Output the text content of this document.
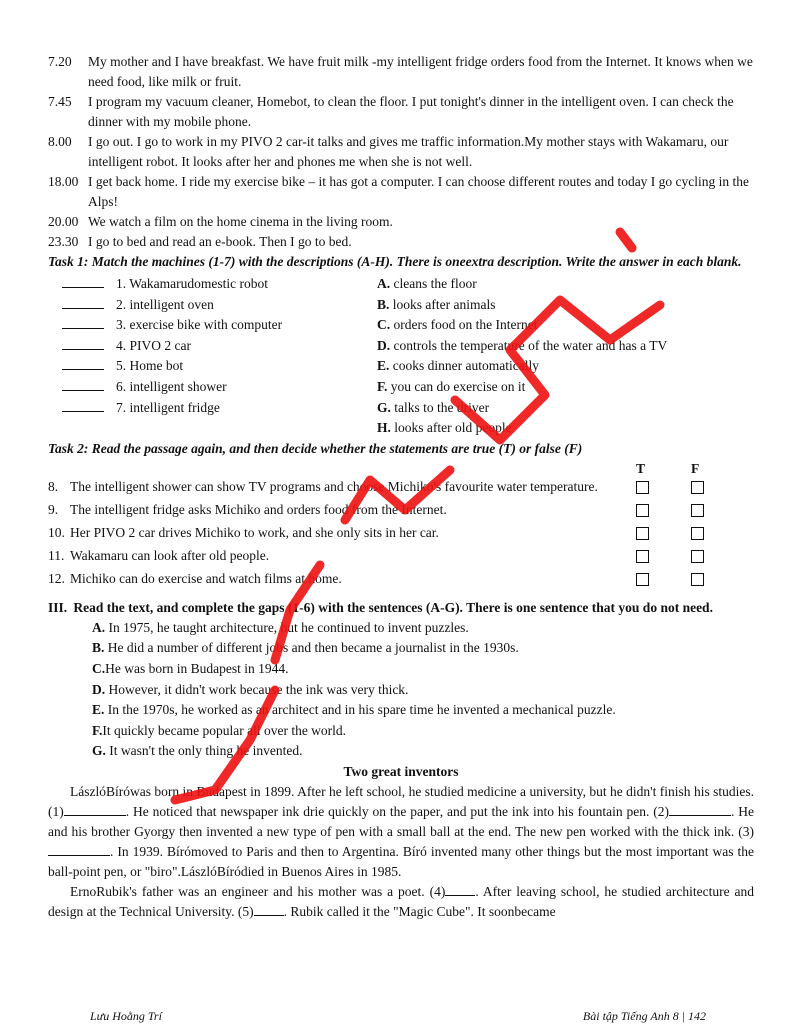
7.20	My mother and I have breakfast. We have fruit milk -my intelligent fridge orders food from the Internet. It knows when we need food, like milk or fruit.
7.45	I program my vacuum cleaner, Homebot, to clean the floor. I put tonight's dinner in the intelligent oven. I can check the dinner with my mobile phone.
8.00	I go out. I go to work in my PIVO 2 car-it talks and gives me traffic information.My mother stays with Wakamaru, our intelligent robot. It looks after her and phones me when she is not well.
18.00 I get back home. I ride my exercise bike – it has got a computer. I can choose different routes and today I go cycling in the Alps!
20.00 We watch a film on the home cinema in the living room.
23.30 I go to bed and read an e-book. Then I go to bed.
Task 1: Match the machines (1-7) with the descriptions (A-H). There is oneextra description. Write the answer in each blank.
1. Wakamarudomestic robot
2. intelligent oven
3. exercise bike with computer
4. PIVO 2 car
5. Home bot
6. intelligent shower
7. intelligent fridge
A. cleans the floor
B. looks after animals
C. orders food on the Internet
D. controls the temperature of the water and has a TV
E. cooks dinner automatically
F. you can do exercise on it
G. talks to the driver
H. looks after old people
Task 2: Read the passage again, and then decide whether the statements are true (T) or false (F)
T	F
8. The intelligent shower can show TV programs and choose Michiko's favourite water temperature.
9. The intelligent fridge asks Michiko and orders food from the Internet.
10. Her PIVO 2 car drives Michiko to work, and she only sits in her car.
11. Wakamaru can look after old people.
12. Michiko can do exercise and watch films at home.
III. Read the text, and complete the gaps (1-6) with the sentences (A-G). There is one sentence that you do not need.
A. In 1975, he taught architecture, but he continued to invent puzzles.
B. He did a number of different jobs and then became a journalist in the 1930s.
C.He was born in Budapest in 1944.
D. However, it didn't work because the ink was very thick.
E. In the 1970s, he worked as an architect and in his spare time he invented a mechanical puzzle.
F.It quickly became popular all over the world.
G. It wasn't the only thing he invented.
Two great inventors
LászlóBírówas born in Budapest in 1899. After he left school, he studied medicine a university, but he didn't finish his studies. (1)	. He noticed that newspaper ink drie quickly on the paper, and put the ink into his fountain pen. (2)	. He and his brother Gyorgy then invented a new type of pen with a small ball at the end. The new pen worked with the thick ink. (3). In 1939. Bírómoved to Paris and then to Argentina. Bíró invented many other things but the most important was the ball-point pen, or "biro".LászlóBíródied in Buenos Aires in 1985.
ErnoRubik's father was an engineer and his mother was a poet. (4) . After leaving school, he studied architecture and design at the Technical University. (5) . Rubik called it the "Magic Cube". It soonbecame
Lưu Hoằng Trí	Bài tập Tiếng Anh 8 | 142
